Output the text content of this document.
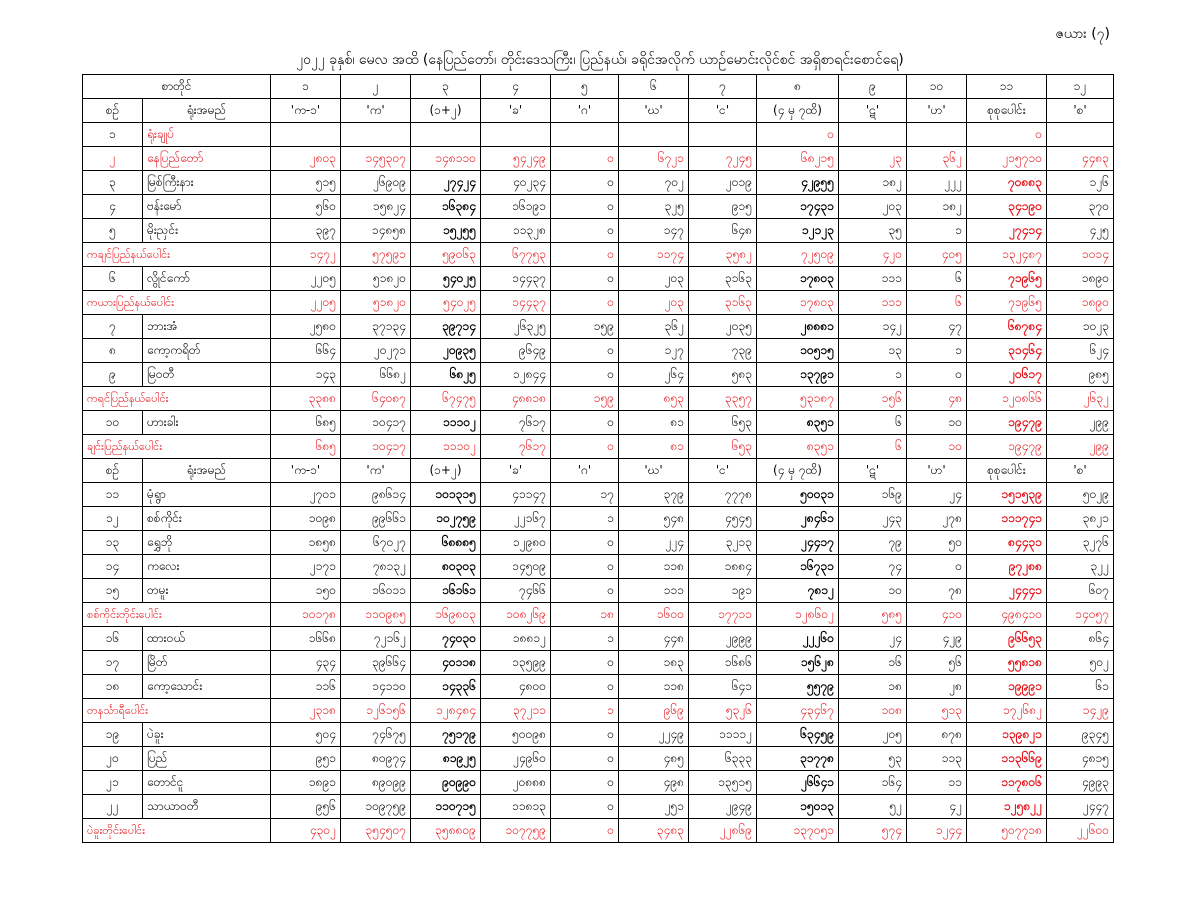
ဇယား (၇)
၂၀၂၂ ခုနှစ်၊ မေလ အထိ (နေပြည်တော်၊ တိုင်းဒေသကြီး၊ ပြည်နယ်၊ ခရိုင်အလိုက် ယာဉ်မောင်းလိုင်စင် အရှိစာရင်းစောင်ရေ)
စာတိုင်		၁	၂	၃	၄	၅	၆	၇	၈	၉	၁၀	၁၁	၁၂
စဉ်	ရုံးအမည်	'က-၁'	'က'	(၁+၂)	'ခ'	'ဂ'	'ဃ'	'င'	(၄ မှ ၇ထိ)	'ဋ'	'ဟ'	စုစုပေါင်း	'စ'
၁	ရုံးချုပ်								၀			၀	
၂	နေပြည်တော်	၂၈၀၃	၁၄၅၃၀၇	၁၄၈၁၁၀	၅၄၂၄၉	၀	၆၇၂၁	၇၂၄၅	၆၈၂၁၅	၂၃	၃၆၂	၂၁၅၇၁၀	၄၄၈၃
၃	မြစ်ကြီးနား	၅၁၅	၂၆၉၀၉	၂၇၄၂၄	၄၀၂၃၄	၀	၇၀၂	၂၀၁၉	၄၂၉၅၅	၁၈၂	၂၂၂	၇၀၈၈၃	၁၂၆
၄	ဗန်းမော်	၅၆၀	၁၅၈၂၄	၁၆၃၈၄	၁၆၁၉၁	၀	၃၂၅	၉၁၅	၁၇၄၃၁	၂၀၃	၁၈၂	၃၄၁၉၀	၃၇၀
၅	မိုးညှင်း	၃၉၇	၁၄၈၅၈	၁၅၂၅၅	၁၁၃၂၈	၀	၁၄၇	၆၄၈	၁၂၁၂၃	၃၅	၁	၂၇၄၁၄	၄၂၅
ကချင်ပြည်နယ်ပေါင်း		၁၄၇၂	၅၇၅၉၁	၅၉၀၆၃	၆၇၇၅၃	၀	၁၁၇၄	၃၅၈၂	၇၂၅၀၉	၄၂၀	၄၀၅	၁၃၂၄၈၇	၁၀၁၄
၆	လွိုင်ကော်	၂၂၀၅	၅၁၈၂၀	၅၄၀၂၅	၁၄၄၃၇	၀	၂၀၃	၃၁၆၃	၁၇၈၀၃	၁၁၁	၆	၇၁၉၆၅	၁၈၉၀
ကယားပြည်နယ်ပေါင်း		၂၂၀၅	၅၁၈၂၀	၅၄၀၂၅	၁၄၄၃၇	၀	၂၀၃	၃၁၆၃	၁၇၈၀၃	၁၁၁	၆	၇၁၉၆၅	၁၈၉၀
၇	ဘားအံ	၂၅၈၀	၃၇၁၃၄	၃၉၇၁၄	၂၆၃၂၅	၁၅၉	၃၆၂	၂၀၃၅	၂၈၈၈၁	၁၄၂	၄၇	၆၈၇၈၄	၁၀၂၃
၈	ကော့ကရိတ်	၆၆၄	၂၀၂၇၁	၂၀၉၃၅	၉၆၄၉	၀	၁၂၇	၇၃၉	၁၀၅၁၅	၁၃	၁	၃၁၄၆၄	၆၂၄
၉	မြဝတီ	၁၄၃	၆၆၈၂	၆၈၂၅	၁၂၈၄၄	၀	၂၆၄	၅၈၃	၁၃၇၉၁	၁	၀	၂၀၆၁၇	၉၈၅
ကရင်ပြည်နယ်ပေါင်း		၃၃၈၈	၆၄၀၈၇	၆၇၄၇၅	၄၈၈၁၈	၁၅၉	၈၅၃	၃၃၅၇	၅၃၁၈၇	၁၅၆	၄၈	၁၂၀၈၆၆	၂၆၃၂
၁၀	ဟားခါး	၆၈၅	၁၀၄၁၇	၁၁၁၀၂	၇၆၁၇	၀	၈၁	၆၅၃	၈၃၅၁	၆	၁၀	၁၉၄၇၉	၂၉၉
ချင်းပြည်နယ်ပေါင်း		၆၈၅	၁၀၄၁၇	၁၁၁၀၂	၇၆၁၇	၀	၈၁	၆၅၃	၈၃၅၁	၆	၁၀	၁၉၄၇၉	၂၉၉
စဉ်	ရုံးအမည်	'က-၁'	'က'	(၁+၂)	'ခ'	'ဂ'	'ဃ'	'င'	(၄ မှ ၇ထိ)	'ဋ'	'ဟ'	စုစုပေါင်း	'စ'
၁၁	မုံရွာ	၂၇၀၁	၉၈၆၁၄	၁၀၁၃၁၅	၄၁၁၄၇	၁၇	၃၇၉	၇၇၇၈	၅၀၀၃၁	၁၆၉	၂၄	၁၅၁၅၃၉	၅၀၂၉
၁၂	စစ်ကိုင်း	၁၀၉၈	၉၉၆၆၁	၁၀၂၇၅၉	၂၂၁၆၇	၁	၅၄၈	၄၅၄၅	၂၈၄၆၁	၂၄၃	၂၇၈	၁၁၁၇၄၁	၃၈၂၁
၁၃	ရွှေဘို	၁၈၅၈	၆၇၀၂၇	၆၈၈၈၅	၁၂၉၈၀	၀	၂၂၄	၃၂၁၃	၂၄၄၁၇	၇၉	၅၀	၈၄၄၃၁	၃၂၇၆
၁၄	ကလေး	၂၁၇၁	၇၈၁၃၂	၈၀၃၀၃	၁၄၅၀၉	၀	၁၁၈	၁၈၈၄	၁၆၇၃၁	၇၄	၀	၉၇၂၈၈	၃၂၂
၁၅	တမူး	၁၅၀	၁၆၀၁၁	၁၆၁၆၁	၇၄၆၆	၀	၁၁၁	၁၉၁	၇၈၁၂	၁၀	၇၈	၂၄၄၄၁	၆၀၇
စစ်ကိုင်းတိုင်းပေါင်း		၁၀၁၇၈	၁၁၀၉၈၅	၁၆၉၈၀၃	၁၀၈၂၆၉	၁၈	၁၆၀၀	၁၇၇၁၁	၁၂၈၆၀၂	၅၈၅	၄၁၀	၄၉၈၄၁၀	၁၄၀၅၇
၁၆	ထားဝယ်	၁၆၆၈	၇၂၁၆၂	၇၄၀၃၀	၁၈၈၁၂	၁	၄၄၈	၂၉၉၉	၂၂၂၆၀	၂၄	၄၂၉	၉၆၆၅၃	၈၆၄
၁၇	မြိတ်	၄၃၄	၃၉၆၆၄	၄၀၁၁၈	၁၃၅၉၉	၀	၁၈၃	၁၆၈၆	၁၅၆၂၈	၁၆	၅၆	၅၅၈၁၈	၅၀၂
၁၈	ကော့သောင်း	၁၁၆	၁၄၁၁၀	၁၄၃၃၆	၄၈၀၀	၀	၁၁၈	၆၄၁	၅၅၇၉	၁၈	၂၈	၁၉၉၉၁	၆၁
တနင်္သာရီပေါင်း		၂၃၁၈	၁၂၆၁၅၆	၁၂၈၄၈၄	၃၇၂၁၁	၁	၉၆၉	၅၃၂၆	၄၃၄၆၇	၁၀၈	၅၁၃	၁၇၂၆၈၂	၁၄၂၉
၁၉	ပဲခူး	၅၀၄	၇၄၆၇၅	၇၅၁၇၉	၅၀၀၉၈	၀	၂၂၄၉	၁၁၁၁၂	၆၃၄၅၉	၂၀၅	၈၇၈	၁၃၉၈၂၁	၉၃၄၅
၂၀	ပြည်	၉၅၁	၈၀၉၇၄	၈၁၉၂၅	၂၄၉၆၀	၀	၄၈၅	၆၃၃၃	၃၁၇၇၈	၅၃	၁၁၃	၁၁၃၆၆၉	၄၈၁၅
၂၁	တောင်ငူ	၁၈၉၁	၈၉၀၉၉	၉၀၉၉၀	၂၀၈၈၈	၀	၄၉၈	၁၃၅၁၅	၂၆၆၄၁	၁၆၄	၁၁	၁၁၇၈၀၆	၄၉၉၃
၂၂	သာယာဝတီ	၉၅၆	၁၀၉၇၅၉	၁၁၀၇၁၅	၁၁၈၁၃	၀	၂၅၁	၂၉၄၉	၁၅၀၁၃	၅၂	၄၂	၁၂၅၈၂၂	၂၄၄၇
ပဲခူးတိုင်းပေါင်း		၄၃၀၂	၃၅၄၅၀၇	၃၅၈၈၀၉	၁၀၇၇၅၉	၀	၃၄၈၃	၂၂၈၆၉	၁၃၇၀၅၁	၅၇၄	၁၂၄၄	၅၀၇၇၁၈	၂၂၆၀၀
